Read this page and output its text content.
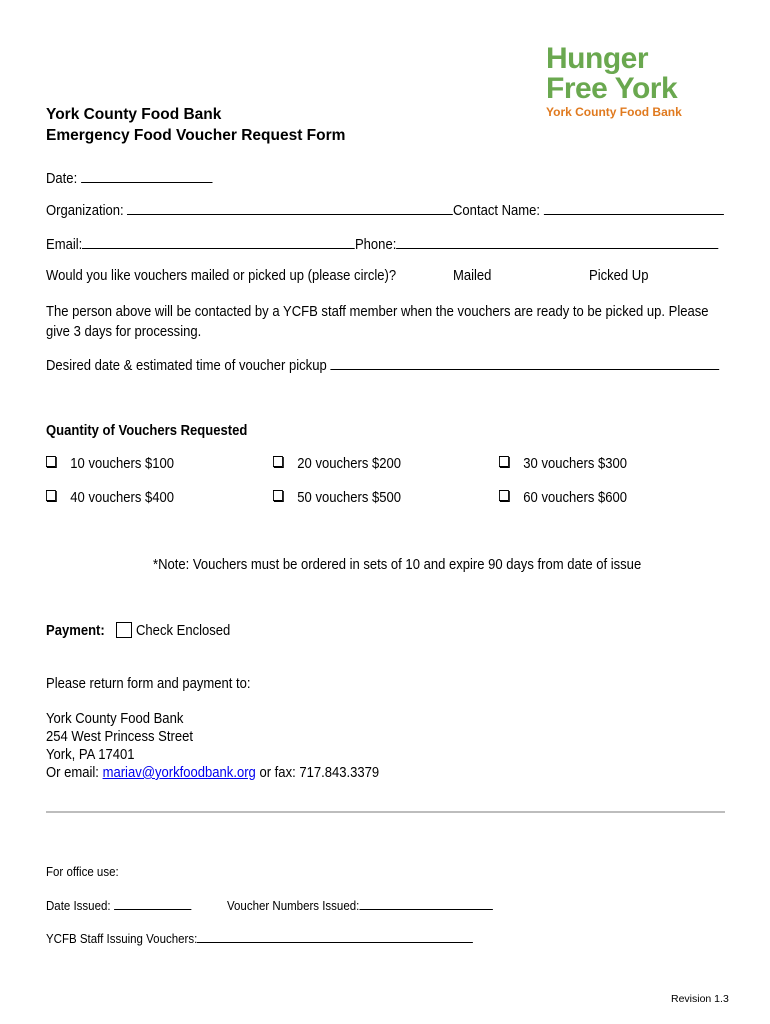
Hunger
Free York
York County Food Bank
York County Food Bank
Emergency Food Voucher Request Form
Date:
Organization:	Contact Name:
Email:	Phone:
Would you like vouchers mailed or picked up (please circle)?	Mailed	Picked Up
The person above will be contacted by a YCFB staff member when the vouchers are ready to be picked up. Please give 3 days for processing.
Desired date & estimated time of voucher pickup
Quantity of Vouchers Requested
10 vouchers $100	20 vouchers $200	30 vouchers $300
40 vouchers $400	50 vouchers $500	60 vouchers $600
*Note: Vouchers must be ordered in sets of 10 and expire 90 days from date of issue
Payment: Check Enclosed
Please return form and payment to:
York County Food Bank
254 West Princess Street
York, PA 17401
Or email: mariav@yorkfoodbank.org or fax: 717.843.3379
For office use:
Date Issued:	Voucher Numbers Issued:
YCFB Staff Issuing Vouchers:
Revision 1.3
